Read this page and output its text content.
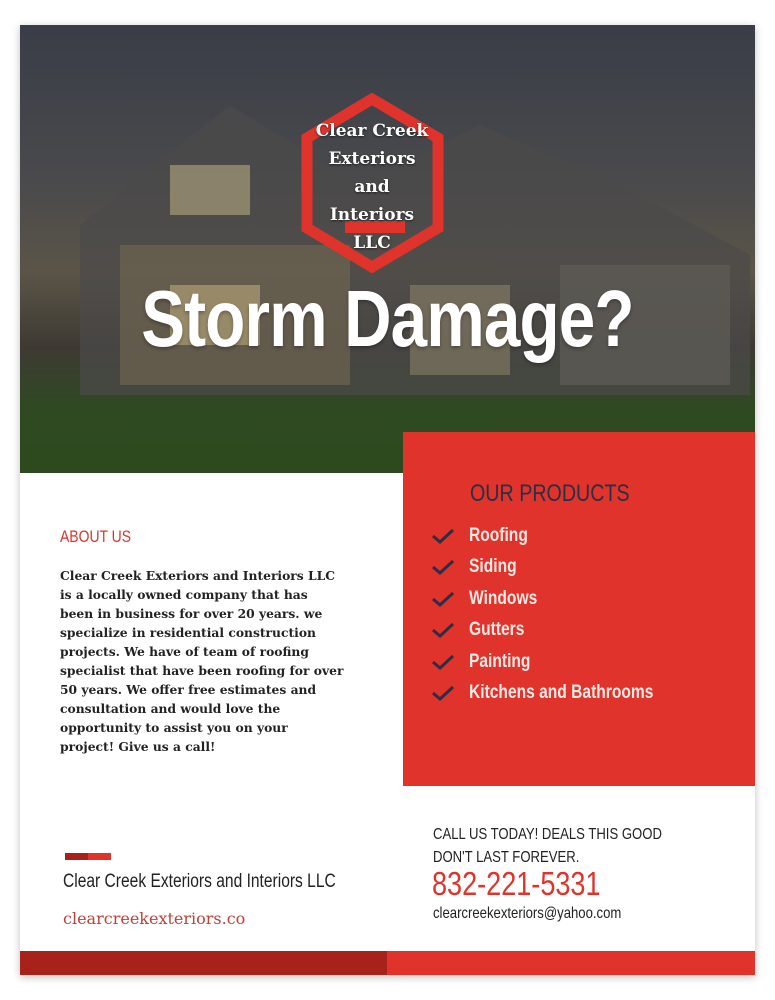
Clear Creek
Exteriors
and
Interiors
LLC
Storm Damage?
OUR PRODUCTS
Roofing
Siding
Windows
Gutters
Painting
Kitchens and Bathrooms
ABOUT US
Clear Creek Exteriors and Interiors LLC is a locally owned company that has been in business for over 20 years. we specialize in residential construction projects. We have of team of roofing specialist that have been roofing for over 50 years. We offer free estimates and consultation and would love the opportunity to assist you on your project! Give us a call!
Clear Creek Exteriors and Interiors LLC
clearcreekexteriors.co
CALL US TODAY! DEALS THIS GOOD DON'T LAST FOREVER.
832-221-5331
clearcreekexteriors@yahoo.com
